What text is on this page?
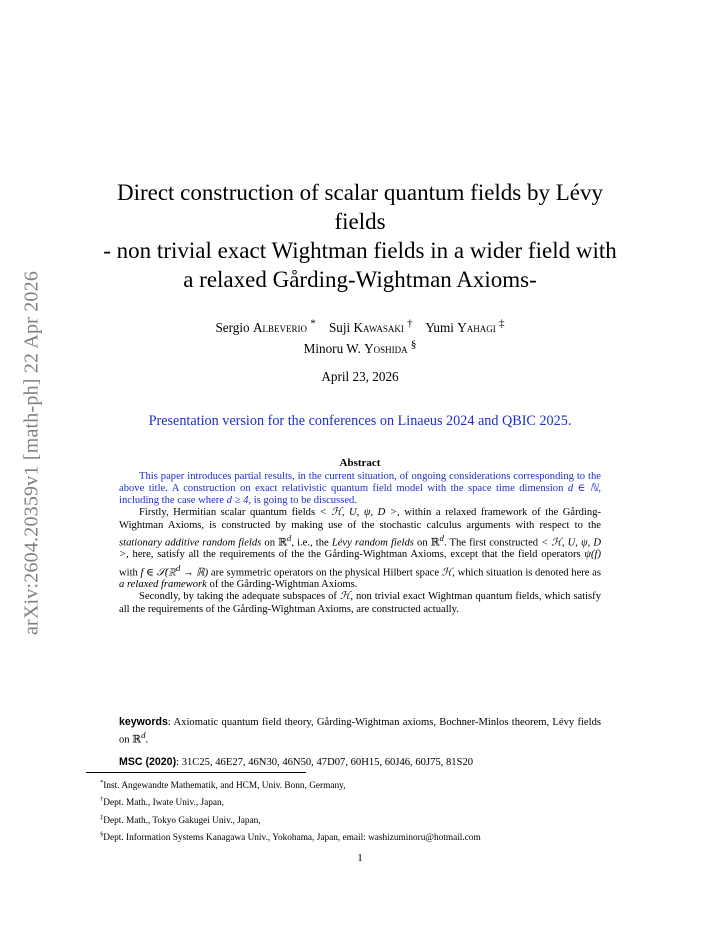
arXiv:2604.20359v1 [math-ph] 22 Apr 2026
Direct construction of scalar quantum fields by Lévy
fields
- non trivial exact Wightman fields in a wider field with
a relaxed Gårding-Wightman Axioms-
Sergio Albeverio * Suji Kawasaki † Yumi Yahagi ‡
Minoru W. Yoshida §
April 23, 2026
Presentation version for the conferences on Linaeus 2024 and QBIC 2025.
Abstract

This paper introduces partial results, in the current situation, of ongoing considerations corresponding to the above title. A construction on exact relativistic quantum field model with the space time dimension d ∈ ℕ, including the case where d ≥ 4, is going to be discussed.

Firstly, Hermitian scalar quantum fields < ℋ, U, ψ, D >, within a relaxed framework of the Gårding-Wightman Axioms, is constructed by making use of the stochastic calculus arguments with respect to the stationary additive random fields on ℝ$^d$, i.e., the Lévy random fields on ℝ$^d$. The first constructed < ℋ, U, ψ, D >, here, satisfy all the requirements of the the Gårding-Wightman Axioms, except that the field operators ψ(f) with f ∈ 𝒮(ℝ$^d$ → ℝ) are symmetric operators on the physical Hilbert space ℋ, which situation is denoted here as a relaxed framework of the Gårding-Wightman Axioms.

Secondly, by taking the adequate subspaces of ℋ, non trivial exact Wightman quantum fields, which satisfy all the requirements of the Gårding-Wightman Axioms, are constructed actually.

keywords: Axiomatic quantum field theory, Gårding-Wightman axioms, Bochner-Minlos theorem, Lévy fields on ℝ$^d$.
MSC (2020): 31C25, 46E27, 46N30, 46N50, 47D07, 60H15, 60J46, 60J75, 81S20
*Inst. Angewandte Mathematik, and HCM, Univ. Bonn, Germany,
†Dept. Math., Iwate Univ., Japan,
‡Dept. Math., Tokyo Gakugei Univ., Japan,
§Dept. Information Systems Kanagawa Univ., Yokohama, Japan, email: washizuminoru@hotmail.com
1
